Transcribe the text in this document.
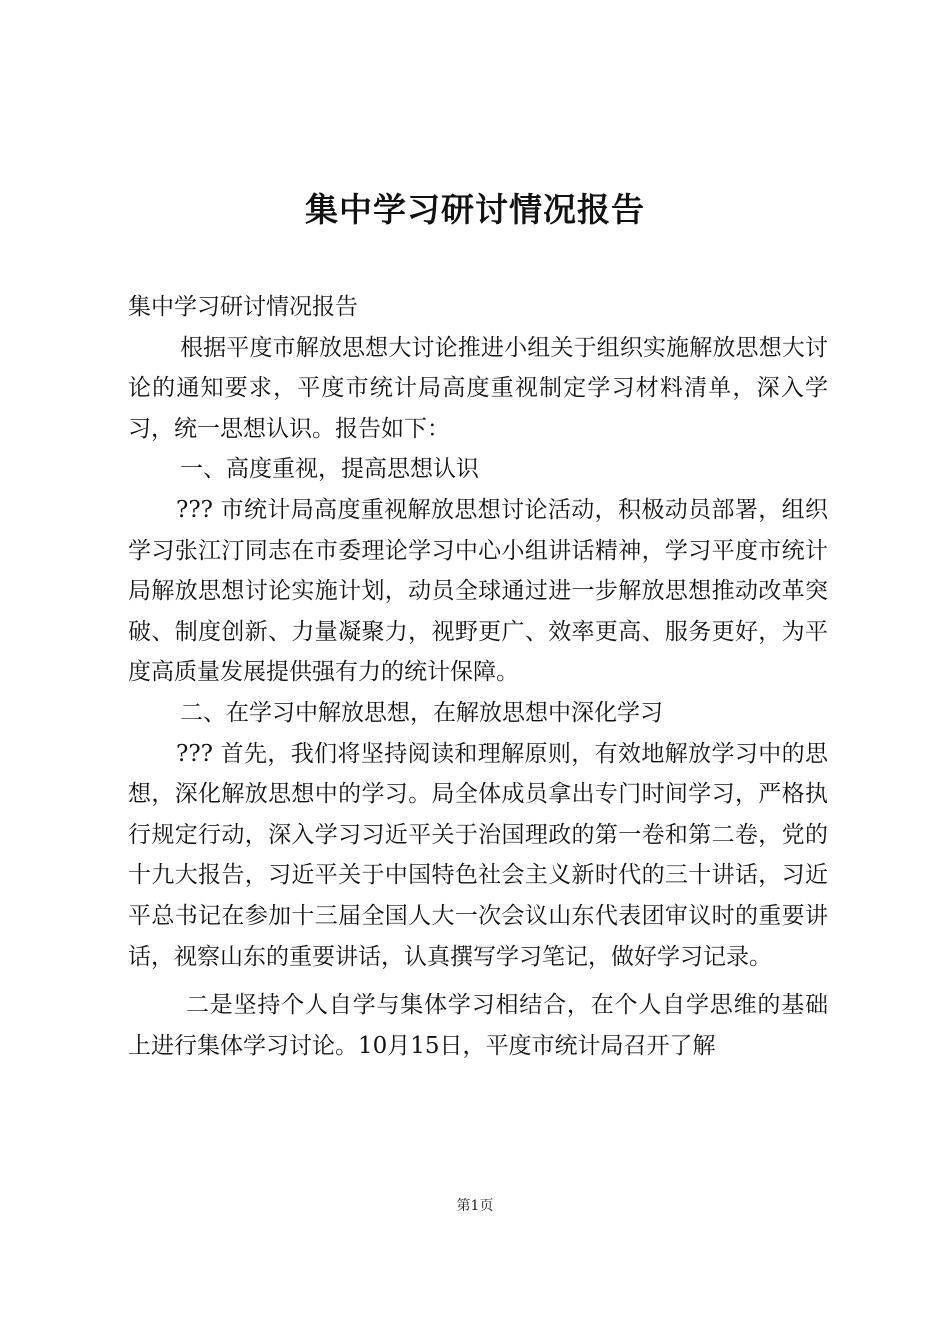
集中学习研讨情况报告

集中学习研讨情况报告

根据平度市解放思想大讨论推进小组关于组织实施解放思想大讨论的通知要求，平度市统计局高度重视制定学习材料清单，深入学习，统一思想认识。报告如下：

一、高度重视，提高思想认识

??? 市统计局高度重视解放思想讨论活动，积极动员部署，组织学习张江汀同志在市委理论学习中心小组讲话精神，学习平度市统计局解放思想讨论实施计划，动员全球通过进一步解放思想推动改革突破、制度创新、力量凝聚力，视野更广、效率更高、服务更好，为平度高质量发展提供强有力的统计保障。

二、在学习中解放思想，在解放思想中深化学习

??? 首先，我们将坚持阅读和理解原则，有效地解放学习中的思想，深化解放思想中的学习。局全体成员拿出专门时间学习，严格执行规定行动，深入学习习近平关于治国理政的第一卷和第二卷，党的十九大报告，习近平关于中国特色社会主义新时代的三十讲话，习近平总书记在参加十三届全国人大一次会议山东代表团审议时的重要讲话，视察山东的重要讲话，认真撰写学习笔记，做好学习记录。

二是坚持个人自学与集体学习相结合，在个人自学思维的基础上进行集体学习讨论。10月15日，平度市统计局召开了解

第1页
